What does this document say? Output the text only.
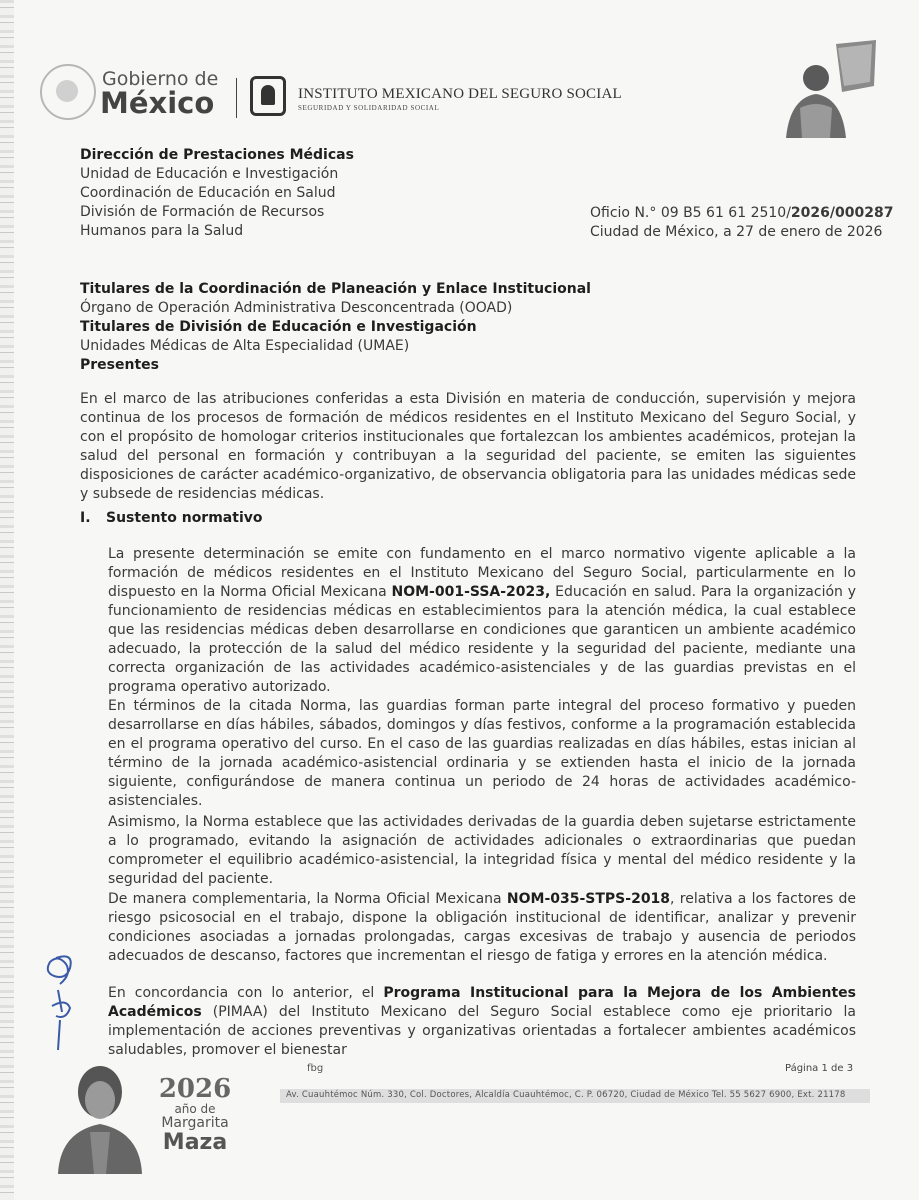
Gobierno de
México	INSTITUTO MEXICANO DEL SEGURO SOCIAL
SEGURIDAD Y SOLIDARIDAD SOCIAL
Dirección de Prestaciones Médicas
Unidad de Educación e Investigación
Coordinación de Educación en Salud
División de Formación de Recursos
Humanos para la Salud
Oficio N.° 09 B5 61 61 2510/2026/000287
Ciudad de México, a 27 de enero de 2026
Titulares de la Coordinación de Planeación y Enlace Institucional
Órgano de Operación Administrativa Desconcentrada (OOAD)
Titulares de División de Educación e Investigación
Unidades Médicas de Alta Especialidad (UMAE)
Presentes
En el marco de las atribuciones conferidas a esta División en materia de conducción, supervisión y mejora continua de los procesos de formación de médicos residentes en el Instituto Mexicano del Seguro Social, y con el propósito de homologar criterios institucionales que fortalezcan los ambientes académicos, protejan la salud del personal en formación y contribuyan a la seguridad del paciente, se emiten las siguientes disposiciones de carácter académico-organizativo, de observancia obligatoria para las unidades médicas sede y subsede de residencias médicas.
I. Sustento normativo
La presente determinación se emite con fundamento en el marco normativo vigente aplicable a la formación de médicos residentes en el Instituto Mexicano del Seguro Social, particularmente en lo dispuesto en la Norma Oficial Mexicana NOM-001-SSA-2023, Educación en salud. Para la organización y funcionamiento de residencias médicas en establecimientos para la atención médica, la cual establece que las residencias médicas deben desarrollarse en condiciones que garanticen un ambiente académico adecuado, la protección de la salud del médico residente y la seguridad del paciente, mediante una correcta organización de las actividades académico-asistenciales y de las guardias previstas en el programa operativo autorizado.
En términos de la citada Norma, las guardias forman parte integral del proceso formativo y pueden desarrollarse en días hábiles, sábados, domingos y días festivos, conforme a la programación establecida en el programa operativo del curso. En el caso de las guardias realizadas en días hábiles, estas inician al término de la jornada académico-asistencial ordinaria y se extienden hasta el inicio de la jornada siguiente, configurándose de manera continua un periodo de 24 horas de actividades académico-asistenciales.
Asimismo, la Norma establece que las actividades derivadas de la guardia deben sujetarse estrictamente a lo programado, evitando la asignación de actividades adicionales o extraordinarias que puedan comprometer el equilibrio académico-asistencial, la integridad física y mental del médico residente y la seguridad del paciente.
De manera complementaria, la Norma Oficial Mexicana NOM-035-STPS-2018, relativa a los factores de riesgo psicosocial en el trabajo, dispone la obligación institucional de identificar, analizar y prevenir condiciones asociadas a jornadas prolongadas, cargas excesivas de trabajo y ausencia de periodos adecuados de descanso, factores que incrementan el riesgo de fatiga y errores en la atención médica.
En concordancia con lo anterior, el Programa Institucional para la Mejora de los Ambientes Académicos (PIMAA) del Instituto Mexicano del Seguro Social establece como eje prioritario la implementación de acciones preventivas y organizativas orientadas a fortalecer ambientes académicos saludables, promover el bienestar
2026
año de
Margarita
Maza
fbg	Página 1 de 3
Av. Cuauhtémoc Núm. 330, Col. Doctores, Alcaldía Cuauhtémoc, C. P. 06720, Ciudad de México Tel. 55 5627 6900, Ext. 21178
